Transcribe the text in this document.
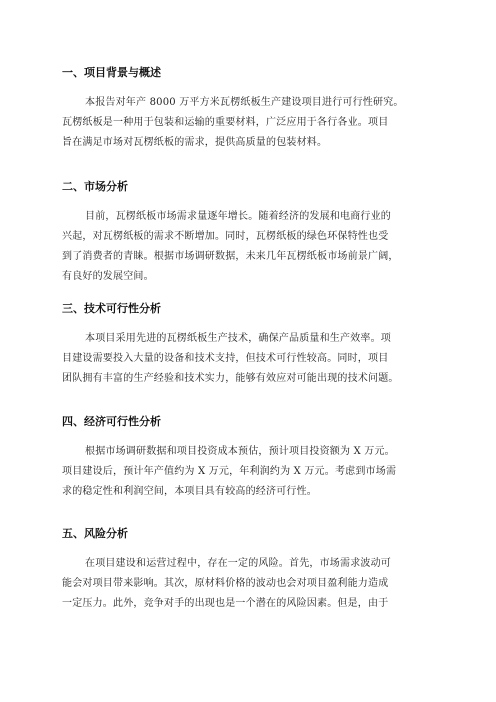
一、项目背景与概述

本报告对年产 8000 万平方米瓦楞纸板生产建设项目进行可行性研究。
瓦楞纸板是一种用于包装和运输的重要材料，广泛应用于各行各业。项目
旨在满足市场对瓦楞纸板的需求，提供高质量的包装材料。

二、市场分析

目前，瓦楞纸板市场需求量逐年增长。随着经济的发展和电商行业的
兴起，对瓦楞纸板的需求不断增加。同时，瓦楞纸板的绿色环保特性也受
到了消费者的青睐。根据市场调研数据，未来几年瓦楞纸板市场前景广阔，
有良好的发展空间。

三、技术可行性分析

本项目采用先进的瓦楞纸板生产技术，确保产品质量和生产效率。项
目建设需要投入大量的设备和技术支持，但技术可行性较高。同时，项目
团队拥有丰富的生产经验和技术实力，能够有效应对可能出现的技术问题。

四、经济可行性分析

根据市场调研数据和项目投资成本预估，预计项目投资额为 X 万元。
项目建设后，预计年产值约为 X 万元，年利润约为 X 万元。考虑到市场需
求的稳定性和利润空间，本项目具有较高的经济可行性。

五、风险分析

在项目建设和运营过程中，存在一定的风险。首先，市场需求波动可
能会对项目带来影响。其次，原材料价格的波动也会对项目盈利能力造成
一定压力。此外，竞争对手的出现也是一个潜在的风险因素。但是，由于
